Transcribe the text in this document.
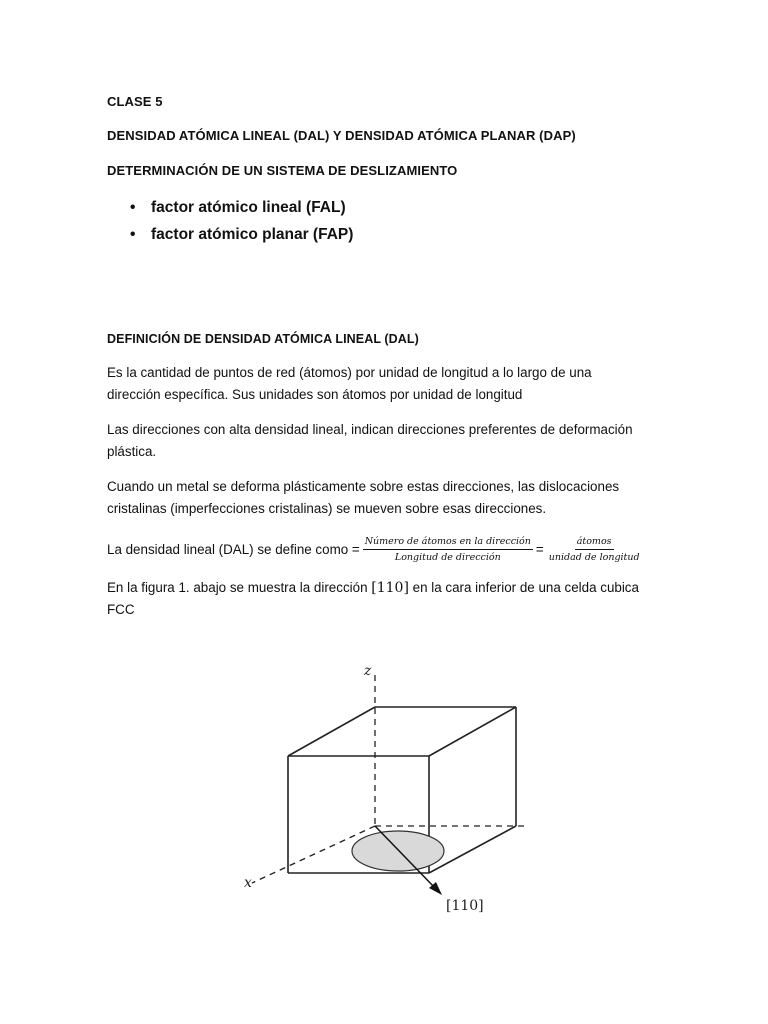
CLASE 5
DENSIDAD ATÓMICA LINEAL (DAL) Y DENSIDAD ATÓMICA PLANAR (DAP)
DETERMINACIÓN DE UN SISTEMA DE DESLIZAMIENTO
• factor atómico lineal (FAL)
• factor atómico planar (FAP)
DEFINICIÓN DE DENSIDAD ATÓMICA LINEAL (DAL)
Es la cantidad de puntos de red (átomos) por unidad de longitud a lo largo de una
dirección específica. Sus unidades son átomos por unidad de longitud
Las direcciones con alta densidad lineal, indican direcciones preferentes de deformación
plástica.
Cuando un metal se deforma plásticamente sobre estas direcciones, las dislocaciones
cristalinas (imperfecciones cristalinas) se mueven sobre esas direcciones.
La densidad lineal (DAL) se define como = $\frac{\text{Número de átomos en la dirección}}{\text{Longitud de dirección}} = \frac{\text{átomos}}{\text{unidad de longitud}}$
En la figura 1. abajo se muestra la dirección [110] en la cara inferior de una celda cubica
FCC
z
x
[110]
